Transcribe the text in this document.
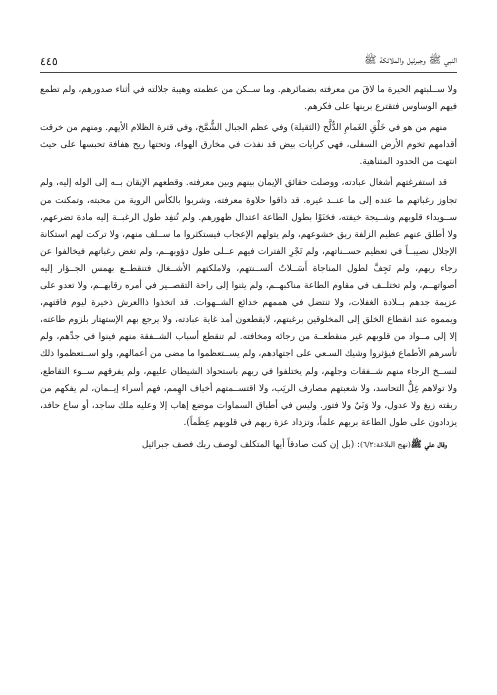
النبي ﷺ وجبرئيل والملائكة ﷺ
٤٤٥

ولا ســلبتهم الحيرة ما لاقَ من معرفته بضمائرهم. وما ســكن من عظمته وهيبة جلالته في أثناء صدورهم، ولم تطمع فيهم الوساوس فتقترع برينها على فكرهم.

منهم من هو في خَلْقِ الغَمامِ الدُّلَّح (الثقيلة) وفي عظم الجبال الشُّمَّخ، وفي قترة الظلام الأيهم. ومنهم من خرقت أقدامهم تخوم الأرض السفلى، فهي كرايات بيض قد نفذت في مخارق الهواء، وتحتها ريح هفافة تحبسها على حيث انتهت من الحدود المتناهية.

قد استفرغتهم أشغال عبادته، ووصلت حقائق الإيمان بينهم وبين معرفته. وقطعهم الإيقان بــه إلى الوله إليه، ولم تجاوز رغباتهم ما عنده إلى ما عنــد غيره. قد ذاقوا حلاوة معرفته، وشربوا بالكأس الروية من محبته، وتمكنت من ســويداء قلوبهم وشــيجة خيفته، فحَنَوْا بطول الطاعة اعتدال ظهورهم. ولم تُنفِد طول الرغبــة إليه مادة تضرعهم، ولا أطلق عنهم عظيم الزلفة ربق خشوعهم، ولم يتولهم الإعجاب فيستكثروا ما ســلف منهم، ولا تركت لهم استكانة الإجلال نصيبــاً في تعظيم حســناتهم، ولم تَجْرِ الفترات فيهم عــلى طول دؤوبهــم، ولم تغض رغباتهم فيخالفوا عن رجاء ربهم، ولم تَجِفَّ لطول المناجاة أَسَــلاتُ ألســنتهم، ولاملكتهم الأشــغال فتنقطــع بهمس الجــؤار إليه أصواتهــم، ولم تختلــف في مقاوم الطاعة مناكبهــم، ولم يثنوا إلى راحة التقصــير في أمره رقابهــم، ولا تعدو على عزيمة جدهم بــلادة الغفلات، ولا تنتضل في هممهم خدائع الشــهوات. قد اتخذوا ذاالعرش ذخيرة ليوم فاقتهم، ويمموه عند انقطاع الخلق إلى المخلوقين برغبتهم، لايقطعون أمد غاية عبادته، ولا يرجع بهم الإستهتار بلزوم طاعته، إلا إلى مــواد من قلوبهم غير منقطعــة من رجائه ومخافته. لم تنقطع أسباب الشــفقة منهم فينوا في جدِّهم، ولم تأسرهم الأطماع فيؤثروا وشيك السـعي على اجتهادهم، ولم يســتعظموا ما مضى من أعمالهم، ولو اســتعظموا ذلك لنســخ الرجاء منهم شــفقات وجلهم، ولم يختلفوا في ربهم باستحواذ الشيطان عليهم، ولم يفرقهم ســوء التقاطع، ولا تولاهم غِلُّ التحاسد، ولا شعبتهم مصارف الريَب، ولا اقتســمتهم أخياف الهِمم، فهم أسراء إيــمان، لم يفكهم من ربقته زيغ ولا عدول، ولا وَنَيٌ ولا فتور. وليس في أطباق السماوات موضع إهاب إلا وعليه ملك ساجد، أو ساع حافد، يزدادون على طول الطاعة بربهم علماً، وتزداد عزة ربهم في قلوبهم عِظَماً).

وقال علي ﷺ(نهج البلاغة:٦/٢): (بل إن كنت صادقاً أيها المتكلف لوصف ربك فصف جبرائيل
